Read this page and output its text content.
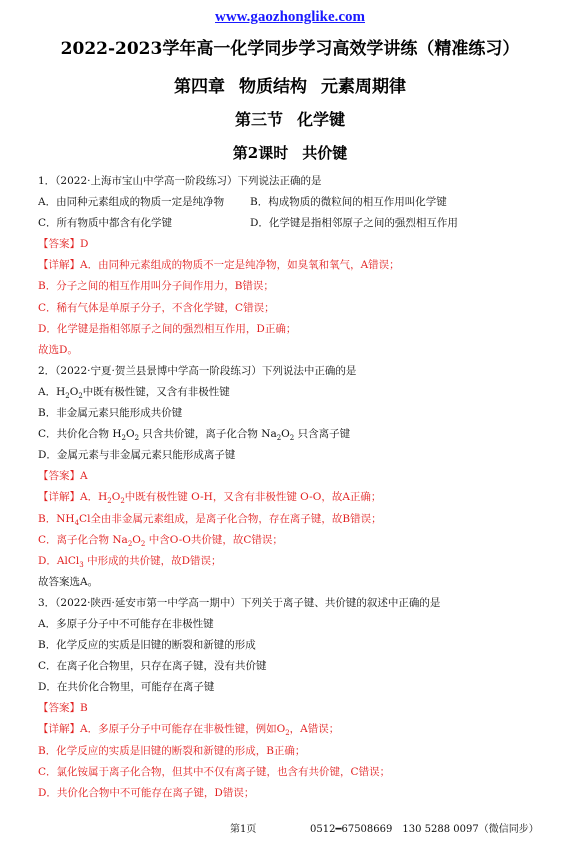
www.gaozhonglike.com
2022-2023学年高一化学同步学习高效学讲练（精准练习）
第四章 物质结构 元素周期律
第三节 化学键
第2课时 共价键
1．（2022·上海市宝山中学高一阶段练习）下列说法正确的是
A．由同种元素组成的物质一定是纯净物	B．构成物质的微粒间的相互作用叫化学键
C．所有物质中都含有化学键	D．化学键是指相邻原子之间的强烈相互作用
【答案】D
【详解】A．由同种元素组成的物质不一定是纯净物，如臭氧和氧气，A错误；
B．分子之间的相互作用叫分子间作用力，B错误；
C．稀有气体是单原子分子，不含化学键，C错误；
D．化学键是指相邻原子之间的强烈相互作用，D正确；
故选D。
2．（2022·宁夏·贺兰县景博中学高一阶段练习）下列说法中正确的是
A．$H_2O_2$中既有极性键，又含有非极性键
B．非金属元素只能形成共价键
C．共价化合物 $H_2O_2$ 只含共价键，离子化合物 $Na_2O_2$ 只含离子键
D．金属元素与非金属元素只能形成离子键
【答案】A
【详解】A．$H_2O_2$中既有极性键 O-H，又含有非极性键 O-O，故A正确；
B．$NH_4Cl$全由非金属元素组成，是离子化合物，存在离子键，故B错误；
C．离子化合物 $Na_2O_2$ 中含O-O共价键，故C错误；
D．AlCl$_3$ 中形成的共价键，故D错误；
故答案选A。
3．（2022·陕西·延安市第一中学高一期中）下列关于离子键、共价键的叙述中正确的是
A．多原子分子中不可能存在非极性键
B．化学反应的实质是旧键的断裂和新键的形成
C．在离子化合物里，只存在离子键，没有共价键
D．在共价化合物里，可能存在离子键
【答案】B
【详解】A．多原子分子中可能存在非极性键，例如$O_2$，A错误；
B．化学反应的实质是旧键的断裂和新键的形成，B正确；
C．氯化铵属于离子化合物，但其中不仅有离子键，也含有共价键，C错误；
D．共价化合物中不可能存在离子键，D错误；
第1页	0512━67508669　130 5288 0097（微信同步）
